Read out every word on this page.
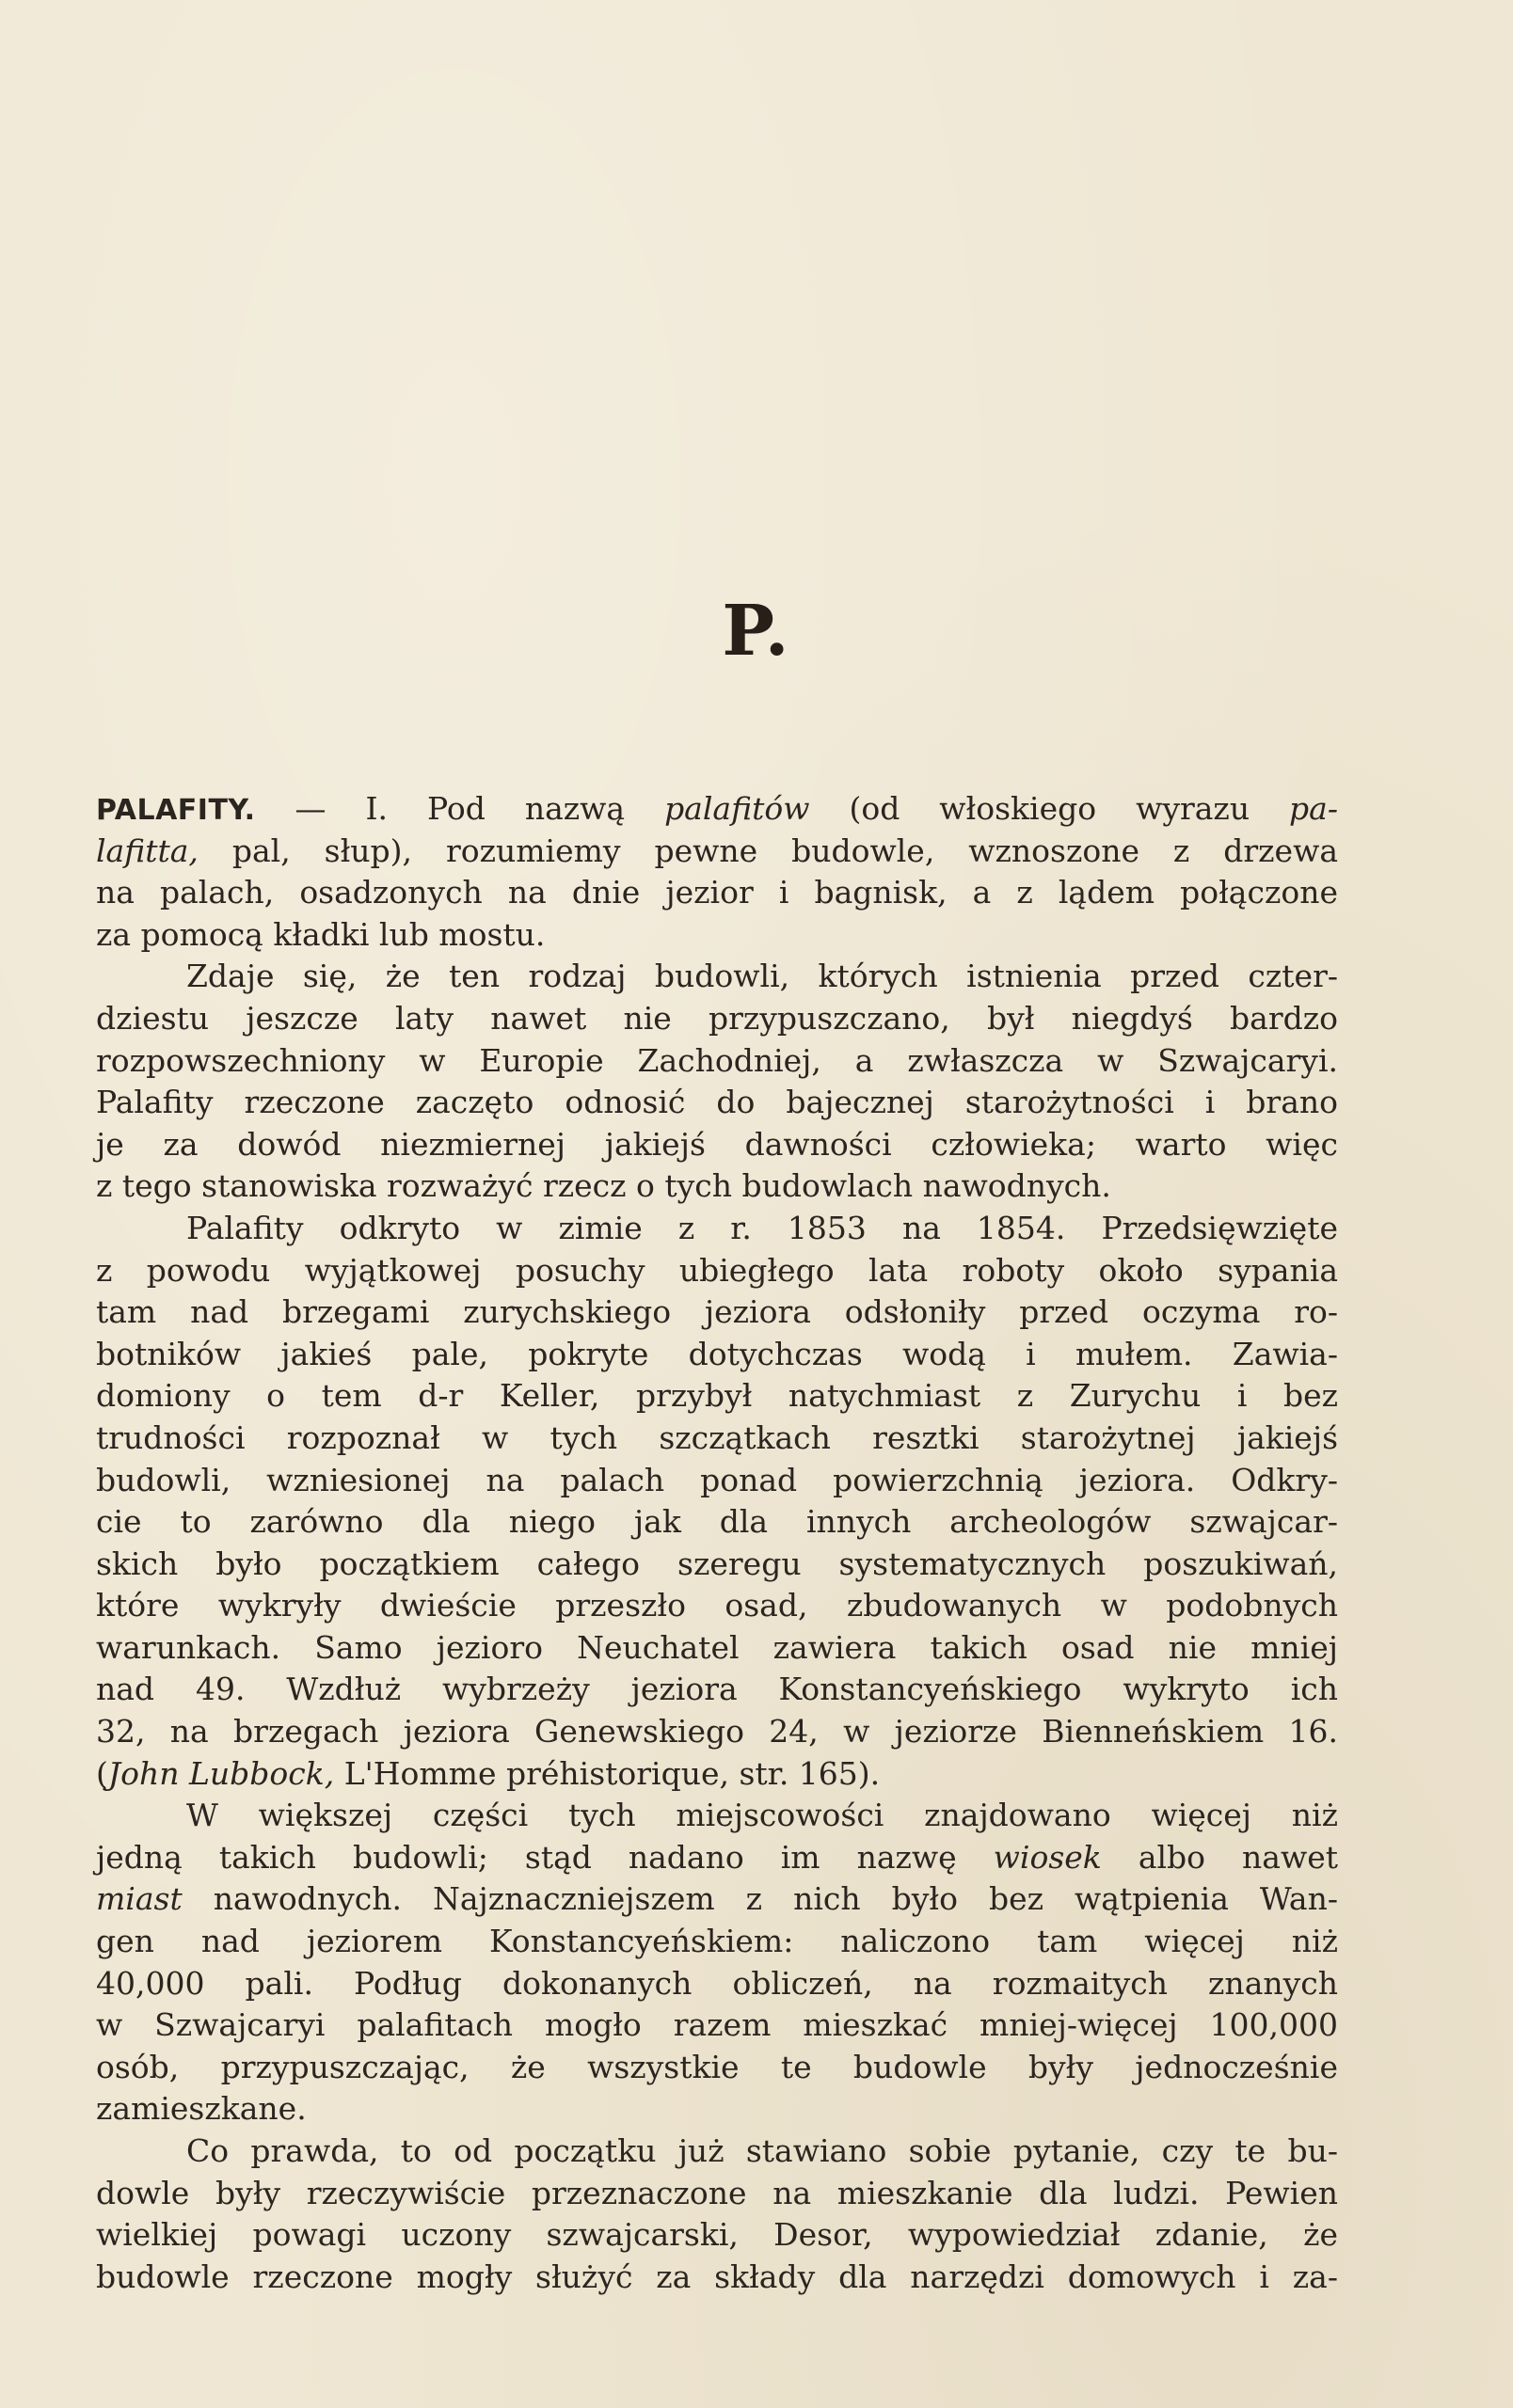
P.
PALAFITY. — I. Pod nazwą palafitów (od włoskiego wyrazu pa-
lafitta, pal, słup), rozumiemy pewne budowle, wznoszone z drzewa
na palach, osadzonych na dnie jezior i bagnisk, a z lądem połączone
za pomocą kładki lub mostu.
Zdaje się, że ten rodzaj budowli, których istnienia przed czter-
dziestu jeszcze laty nawet nie przypuszczano, był niegdyś bardzo
rozpowszechniony w Europie Zachodniej, a zwłaszcza w Szwajcaryi.
Palafity rzeczone zaczęto odnosić do bajecznej starożytności i brano
je za dowód niezmiernej jakiejś dawności człowieka; warto więc
z tego stanowiska rozważyć rzecz o tych budowlach nawodnych.
Palafity odkryto w zimie z r. 1853 na 1854. Przedsięwzięte
z powodu wyjątkowej posuchy ubiegłego lata roboty około sypania
tam nad brzegami zurychskiego jeziora odsłoniły przed oczyma ro-
botników jakieś pale, pokryte dotychczas wodą i mułem. Zawia-
domiony o tem d-r Keller, przybył natychmiast z Zurychu i bez
trudności rozpoznał w tych szczątkach resztki starożytnej jakiejś
budowli, wzniesionej na palach ponad powierzchnią jeziora. Odkry-
cie to zarówno dla niego jak dla innych archeologów szwajcar-
skich było początkiem całego szeregu systematycznych poszukiwań,
które wykryły dwieście przeszło osad, zbudowanych w podobnych
warunkach. Samo jezioro Neuchatel zawiera takich osad nie mniej
nad 49. Wzdłuż wybrzeży jeziora Konstancyeńskiego wykryto ich
32, na brzegach jeziora Genewskiego 24, w jeziorze Bienneńskiem 16.
(John Lubbock, L'Homme préhistorique, str. 165).
W większej części tych miejscowości znajdowano więcej niż
jedną takich budowli; stąd nadano im nazwę wiosek albo nawet
miast nawodnych. Najznaczniejszem z nich było bez wątpienia Wan-
gen nad jeziorem Konstancyeńskiem: naliczono tam więcej niż
40,000 pali. Podług dokonanych obliczeń, na rozmaitych znanych
w Szwajcaryi palafitach mogło razem mieszkać mniej-więcej 100,000
osób, przypuszczając, że wszystkie te budowle były jednocześnie
zamieszkane.
Co prawda, to od początku już stawiano sobie pytanie, czy te bu-
dowle były rzeczywiście przeznaczone na mieszkanie dla ludzi. Pewien
wielkiej powagi uczony szwajcarski, Desor, wypowiedział zdanie, że
budowle rzeczone mogły służyć za składy dla narzędzi domowych i za-
